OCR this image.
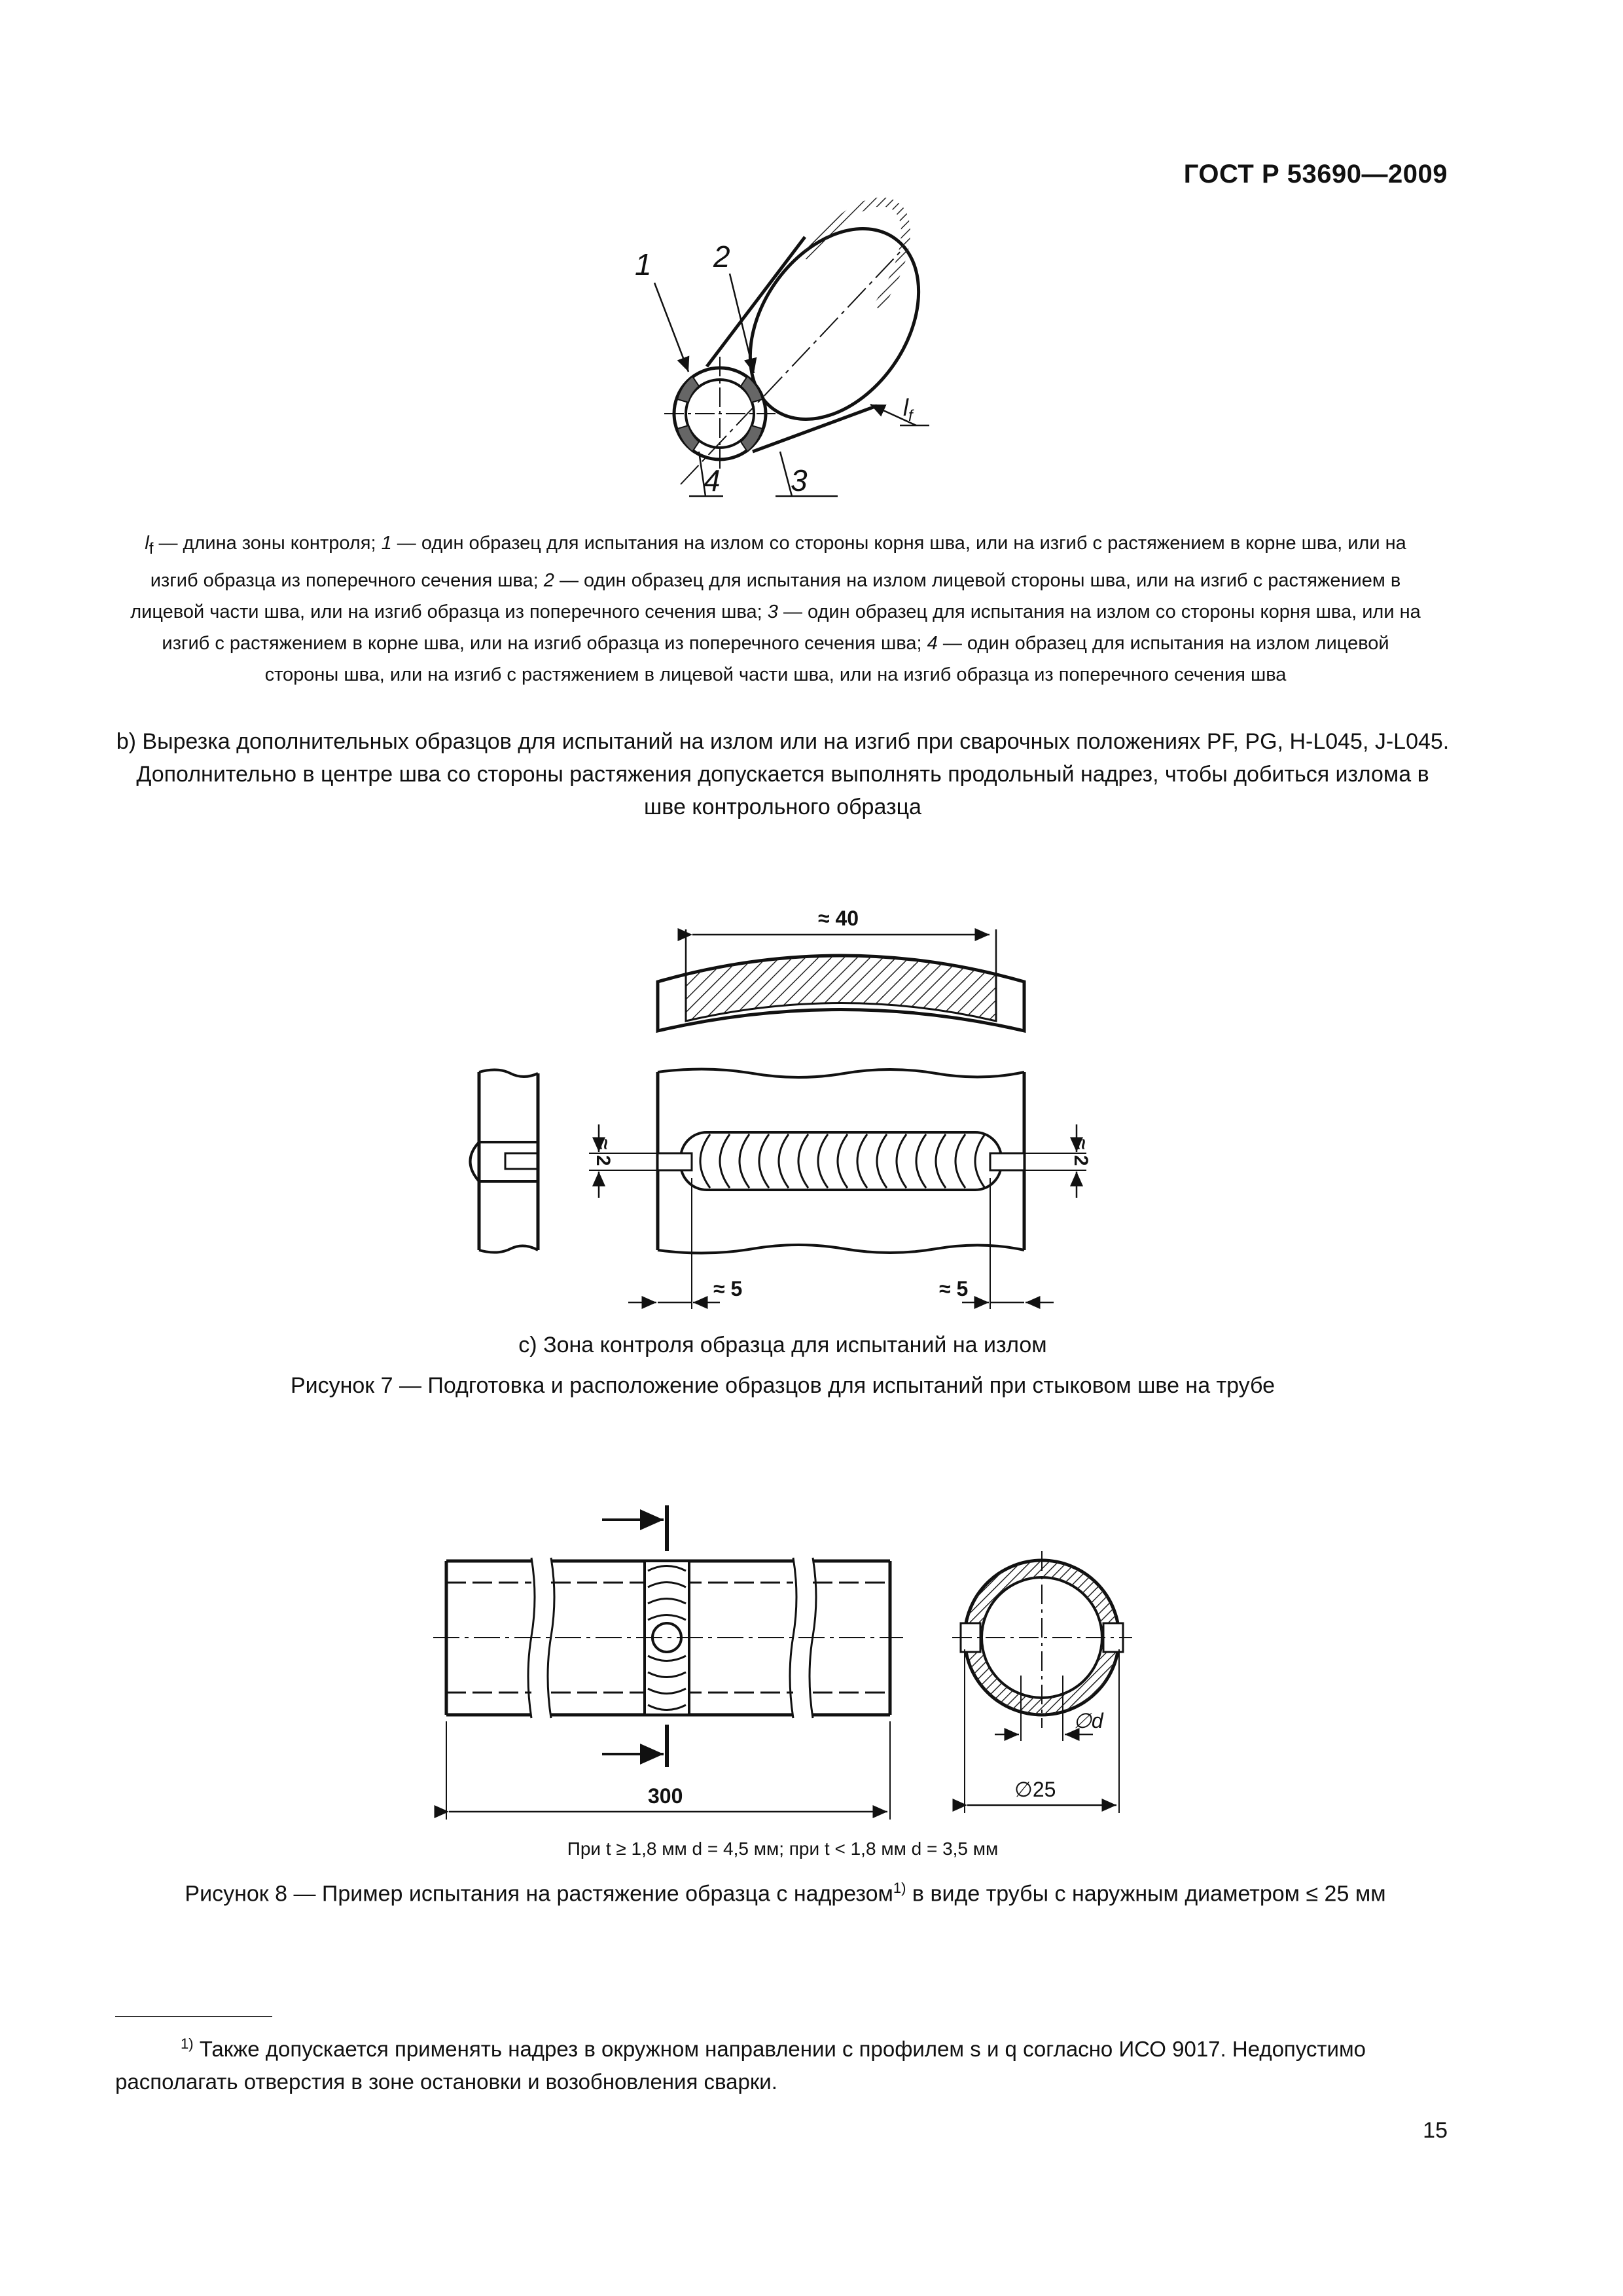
ГОСТ Р 53690—2009
1 2
3
4
$l_f$
≈ 40
≈ 2	≈ 2
≈ 5	≈ 5
300
∅d
∅25
$l_f$ — длина зоны контроля; 1 — один образец для испытания на излом со стороны корня шва, или на изгиб с растяжением в корне шва, или на изгиб образца из поперечного сечения шва; 2 — один образец для испытания на излом лицевой стороны шва, или на изгиб с растяжением в лицевой части шва, или на изгиб образца из поперечного сечения шва; 3 — один образец для испытания на излом со стороны корня шва, или на изгиб с растяжением в корне шва, или на изгиб образца из поперечного сечения шва; 4 — один образец для испытания на излом лицевой стороны шва, или на изгиб с растяжением в лицевой части шва, или на изгиб образца из поперечного сечения шва
b) Вырезка дополнительных образцов для испытаний на излом или на изгиб при сварочных положениях PF, PG, H-L045, J-L045. Дополнительно в центре шва со стороны растяжения допускается выполнять продольный надрез, чтобы добиться излома в шве контрольного образца
c) Зона контроля образца для испытаний на излом
Рисунок 7 — Подготовка и расположение образцов для испытаний при стыковом шве на трубе
При t ≥ 1,8 мм d = 4,5 мм; при t < 1,8 мм d = 3,5 мм
Рисунок 8 — Пример испытания на растяжение образца с надрезом$^{1)}$ в виде трубы с наружным диаметром ≤ 25 мм
$^{1)}$ Также допускается применять надрез в окружном направлении с профилем s и q согласно ИСО 9017. Недопустимо располагать отверстия в зоне остановки и возобновления сварки.
15
